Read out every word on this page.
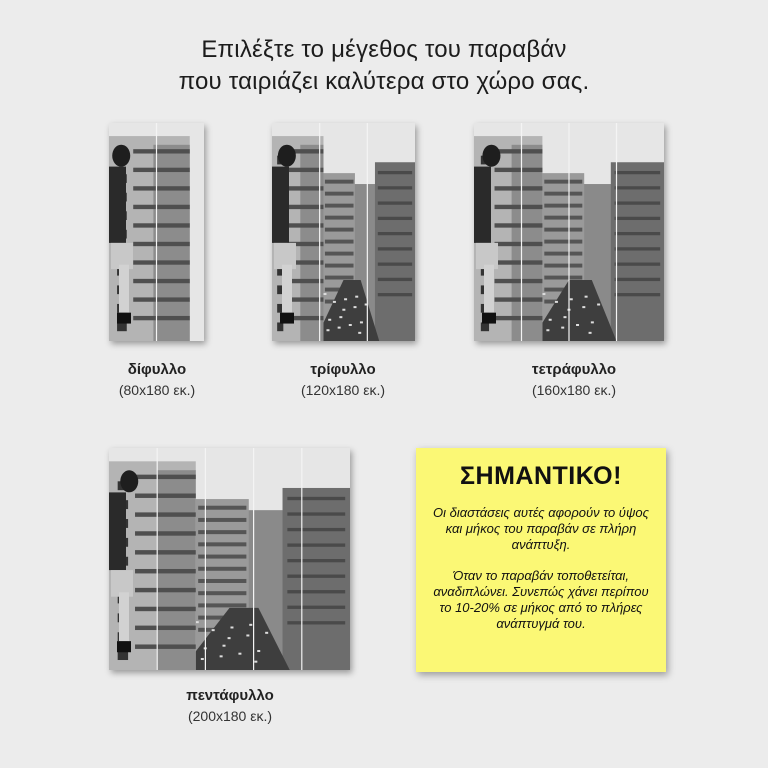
Επιλέξτε το μέγεθος του παραβάν
που ταιριάζει καλύτερα στο χώρο σας.
δίφυλλο
(80x180 εκ.)
τρίφυλλο
(120x180 εκ.)
τετράφυλλο
(160x180 εκ.)
πεντάφυλλο
(200x180 εκ.)
ΣΗΜΑΝΤΙΚΟ!
Οι διαστάσεις αυτές αφορούν το ύψος και μήκος του παραβάν σε πλήρη ανάπτυξη.
Όταν το παραβάν τοποθετείται, αναδιπλώνει. Συνεπώς χάνει περίπου το 10-20% σε μήκος από το πλήρες ανάπτυγμά του.
